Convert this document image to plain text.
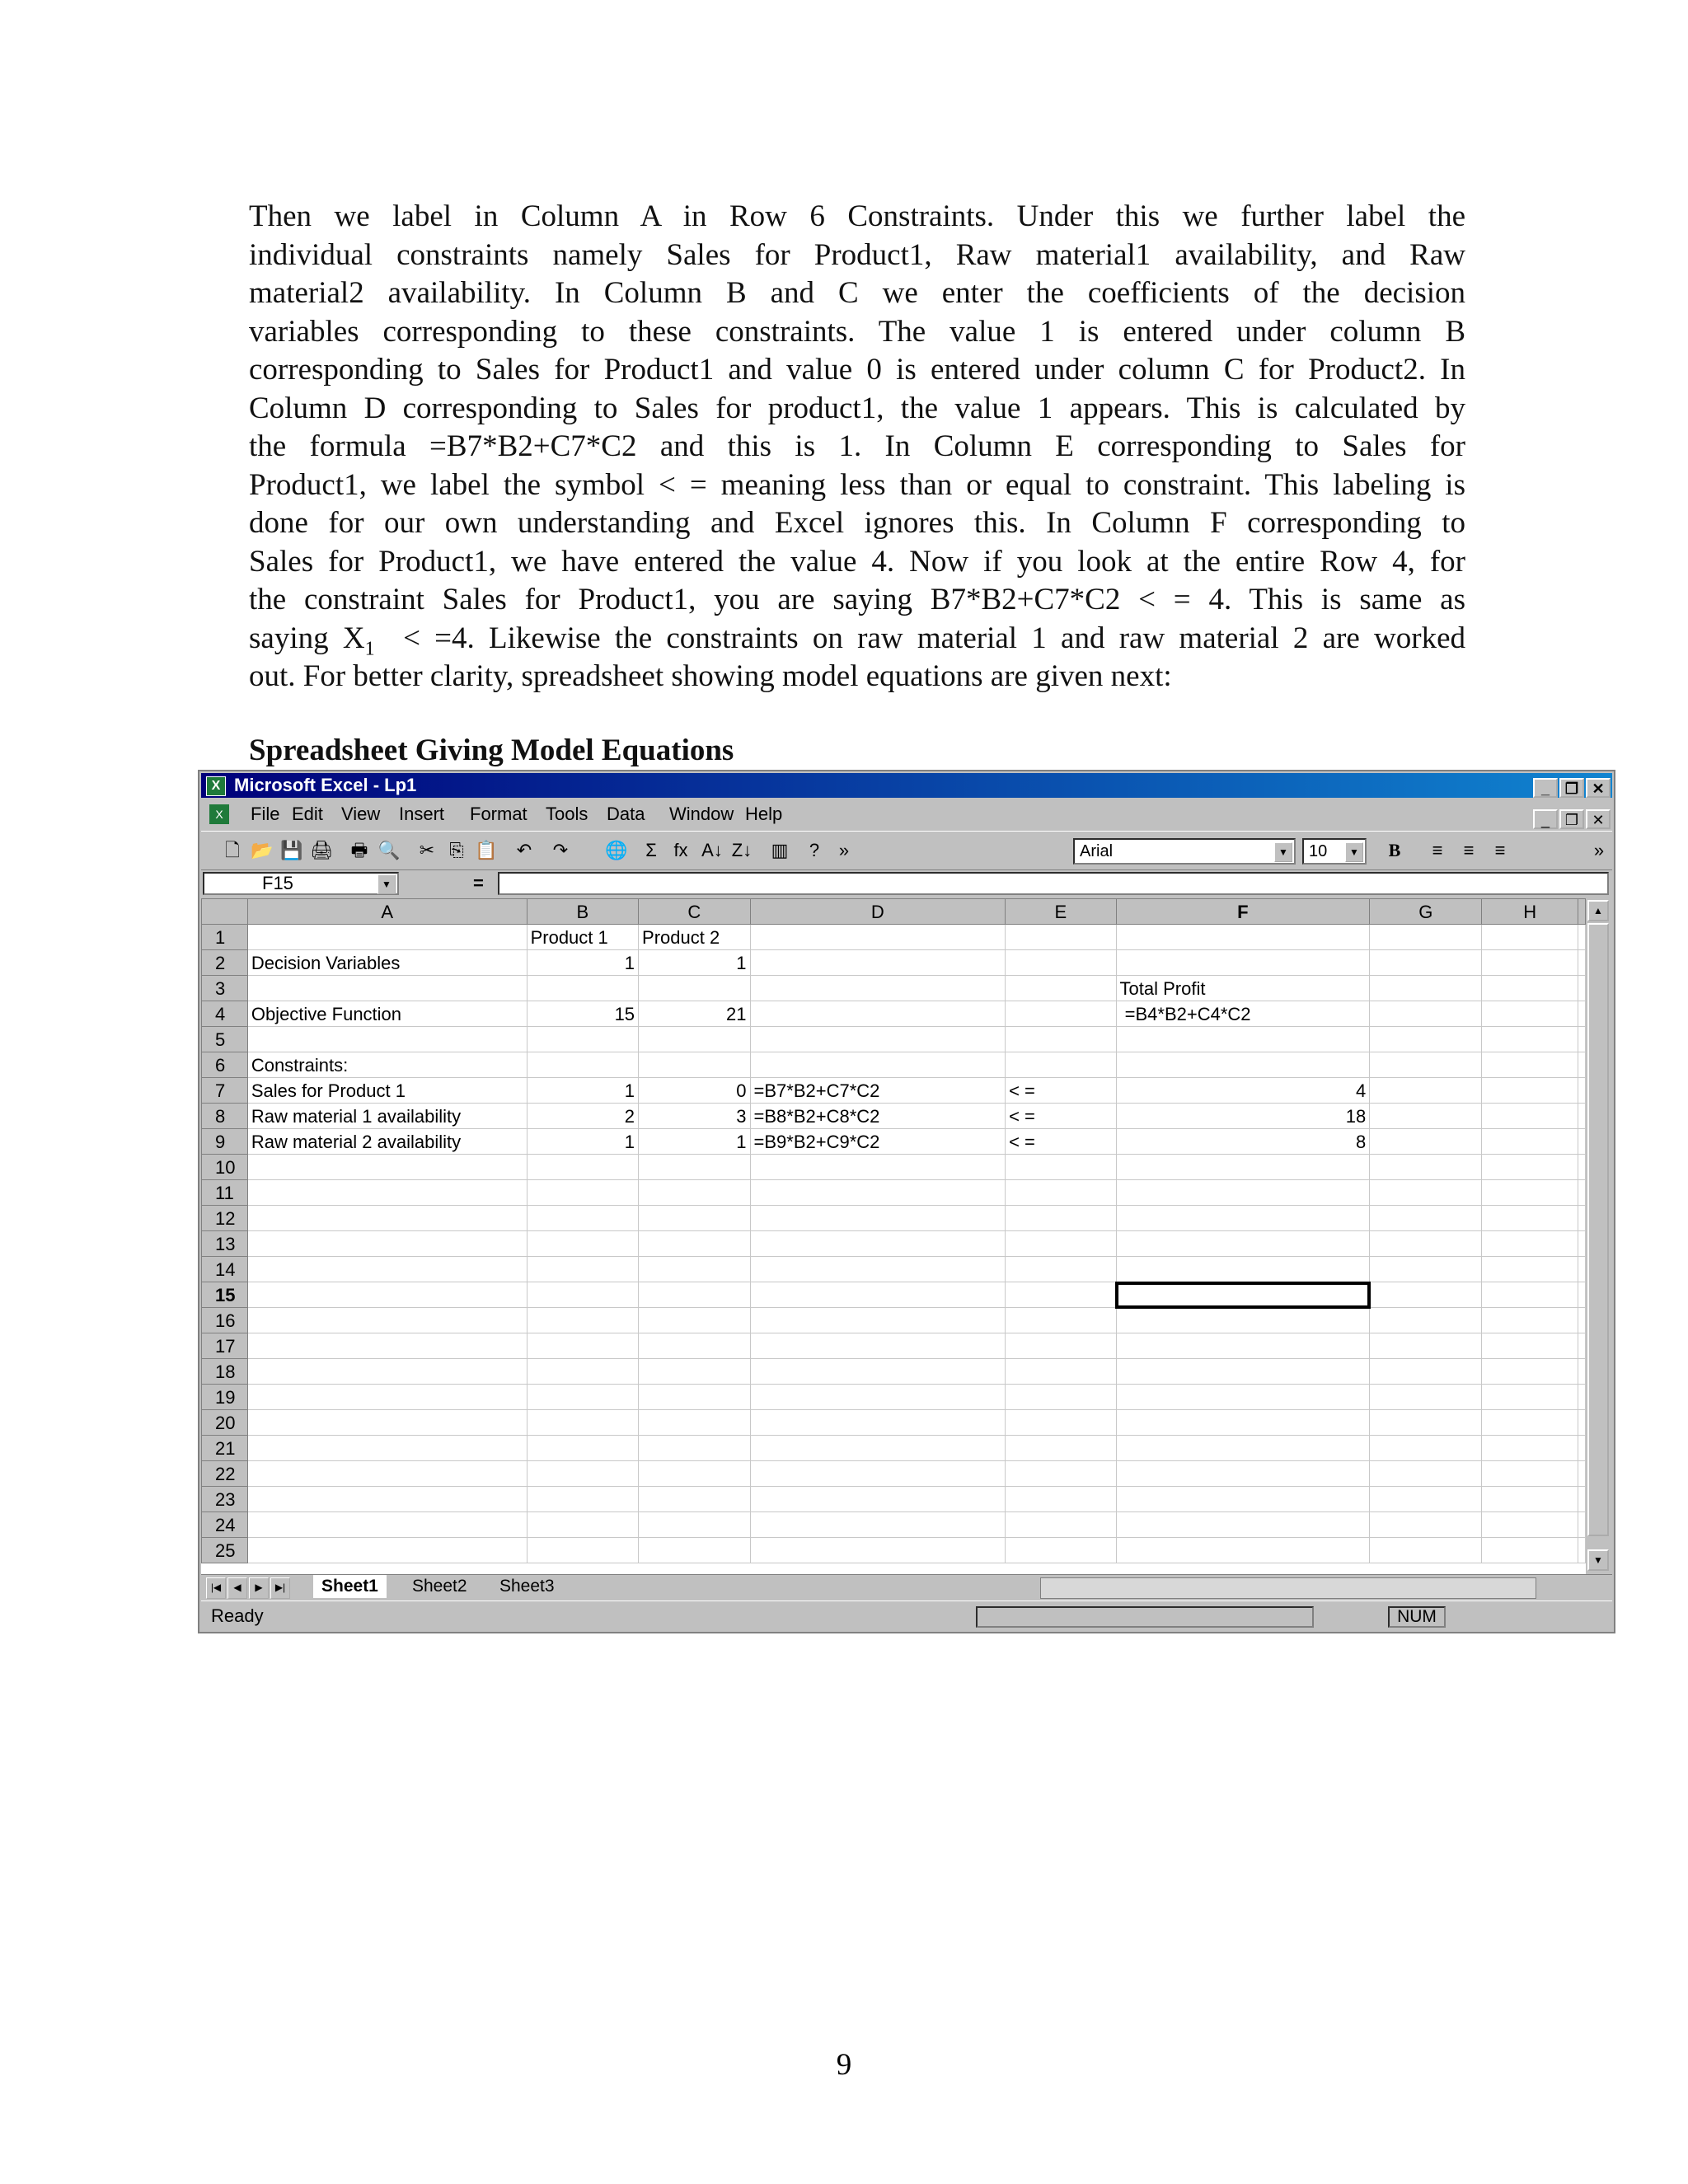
Then we label in Column A in Row 6 Constraints. Under this we further label the
individual constraints namely Sales for Product1, Raw material1 availability, and Raw
material2 availability. In Column B and C we enter the coefficients of the decision
variables corresponding to these constraints. The value 1 is entered under column B
corresponding to Sales for Product1 and value 0 is entered under column C for Product2. In
Column D corresponding to Sales for product1, the value 1 appears. This is calculated by
the formula =B7*B2+C7*C2 and this is 1. In Column E corresponding to Sales for
Product1, we label the symbol < = meaning less than or equal to constraint. This labeling is
done for our own understanding and Excel ignores this. In Column F corresponding to
Sales for Product1, we have entered the value 4. Now if you look at the entire Row 4, for
the constraint Sales for Product1, you are saying B7*B2+C7*C2 < = 4. This is same as
saying $X_1 < =4$. Likewise the constraints on raw material 1 and raw material 2 are worked
out. For better clarity, spreadsheet showing model equations are given next:
Spreadsheet Giving Model Equations
X Microsoft Excel - Lp1	_ ❐ ✕
X	_ ❐ ✕
File Edit View Insert Format Tools Data Window Help
Arial	▼	10	▼	B	≡	≡	≡	»
🗋 📂 💾 🖨 🖶 🔍	✂ ⎘ 📋	↶	↷	🌐 Σ fx A↓ Z↓ ▥	?	»
F15	▼	=
	A	B	C	D	E	F	G	H	
1		Product 1	Product 2						
2	Decision Variables	1	1						
3						Total Profit			
4	Objective Function	15	21			=B4*B2+C4*C2			
5									
6	Constraints:								
7	Sales for Product 1	1	0	=B7*B2+C7*C2	< =	4			
8	Raw material 1 availability	2	3	=B8*B2+C8*C2	< =	18			
9	Raw material 2 availability	1	1	=B9*B2+C9*C2	< =	8			
10									
11									
12									
13									
14									
15									
16									
17									
18									
19									
20									
21									
22									
23									
24									
25									
▲
▼
|◀	◀	▶	▶|	Sheet1	Sheet2	Sheet3
Ready	NUM
9
